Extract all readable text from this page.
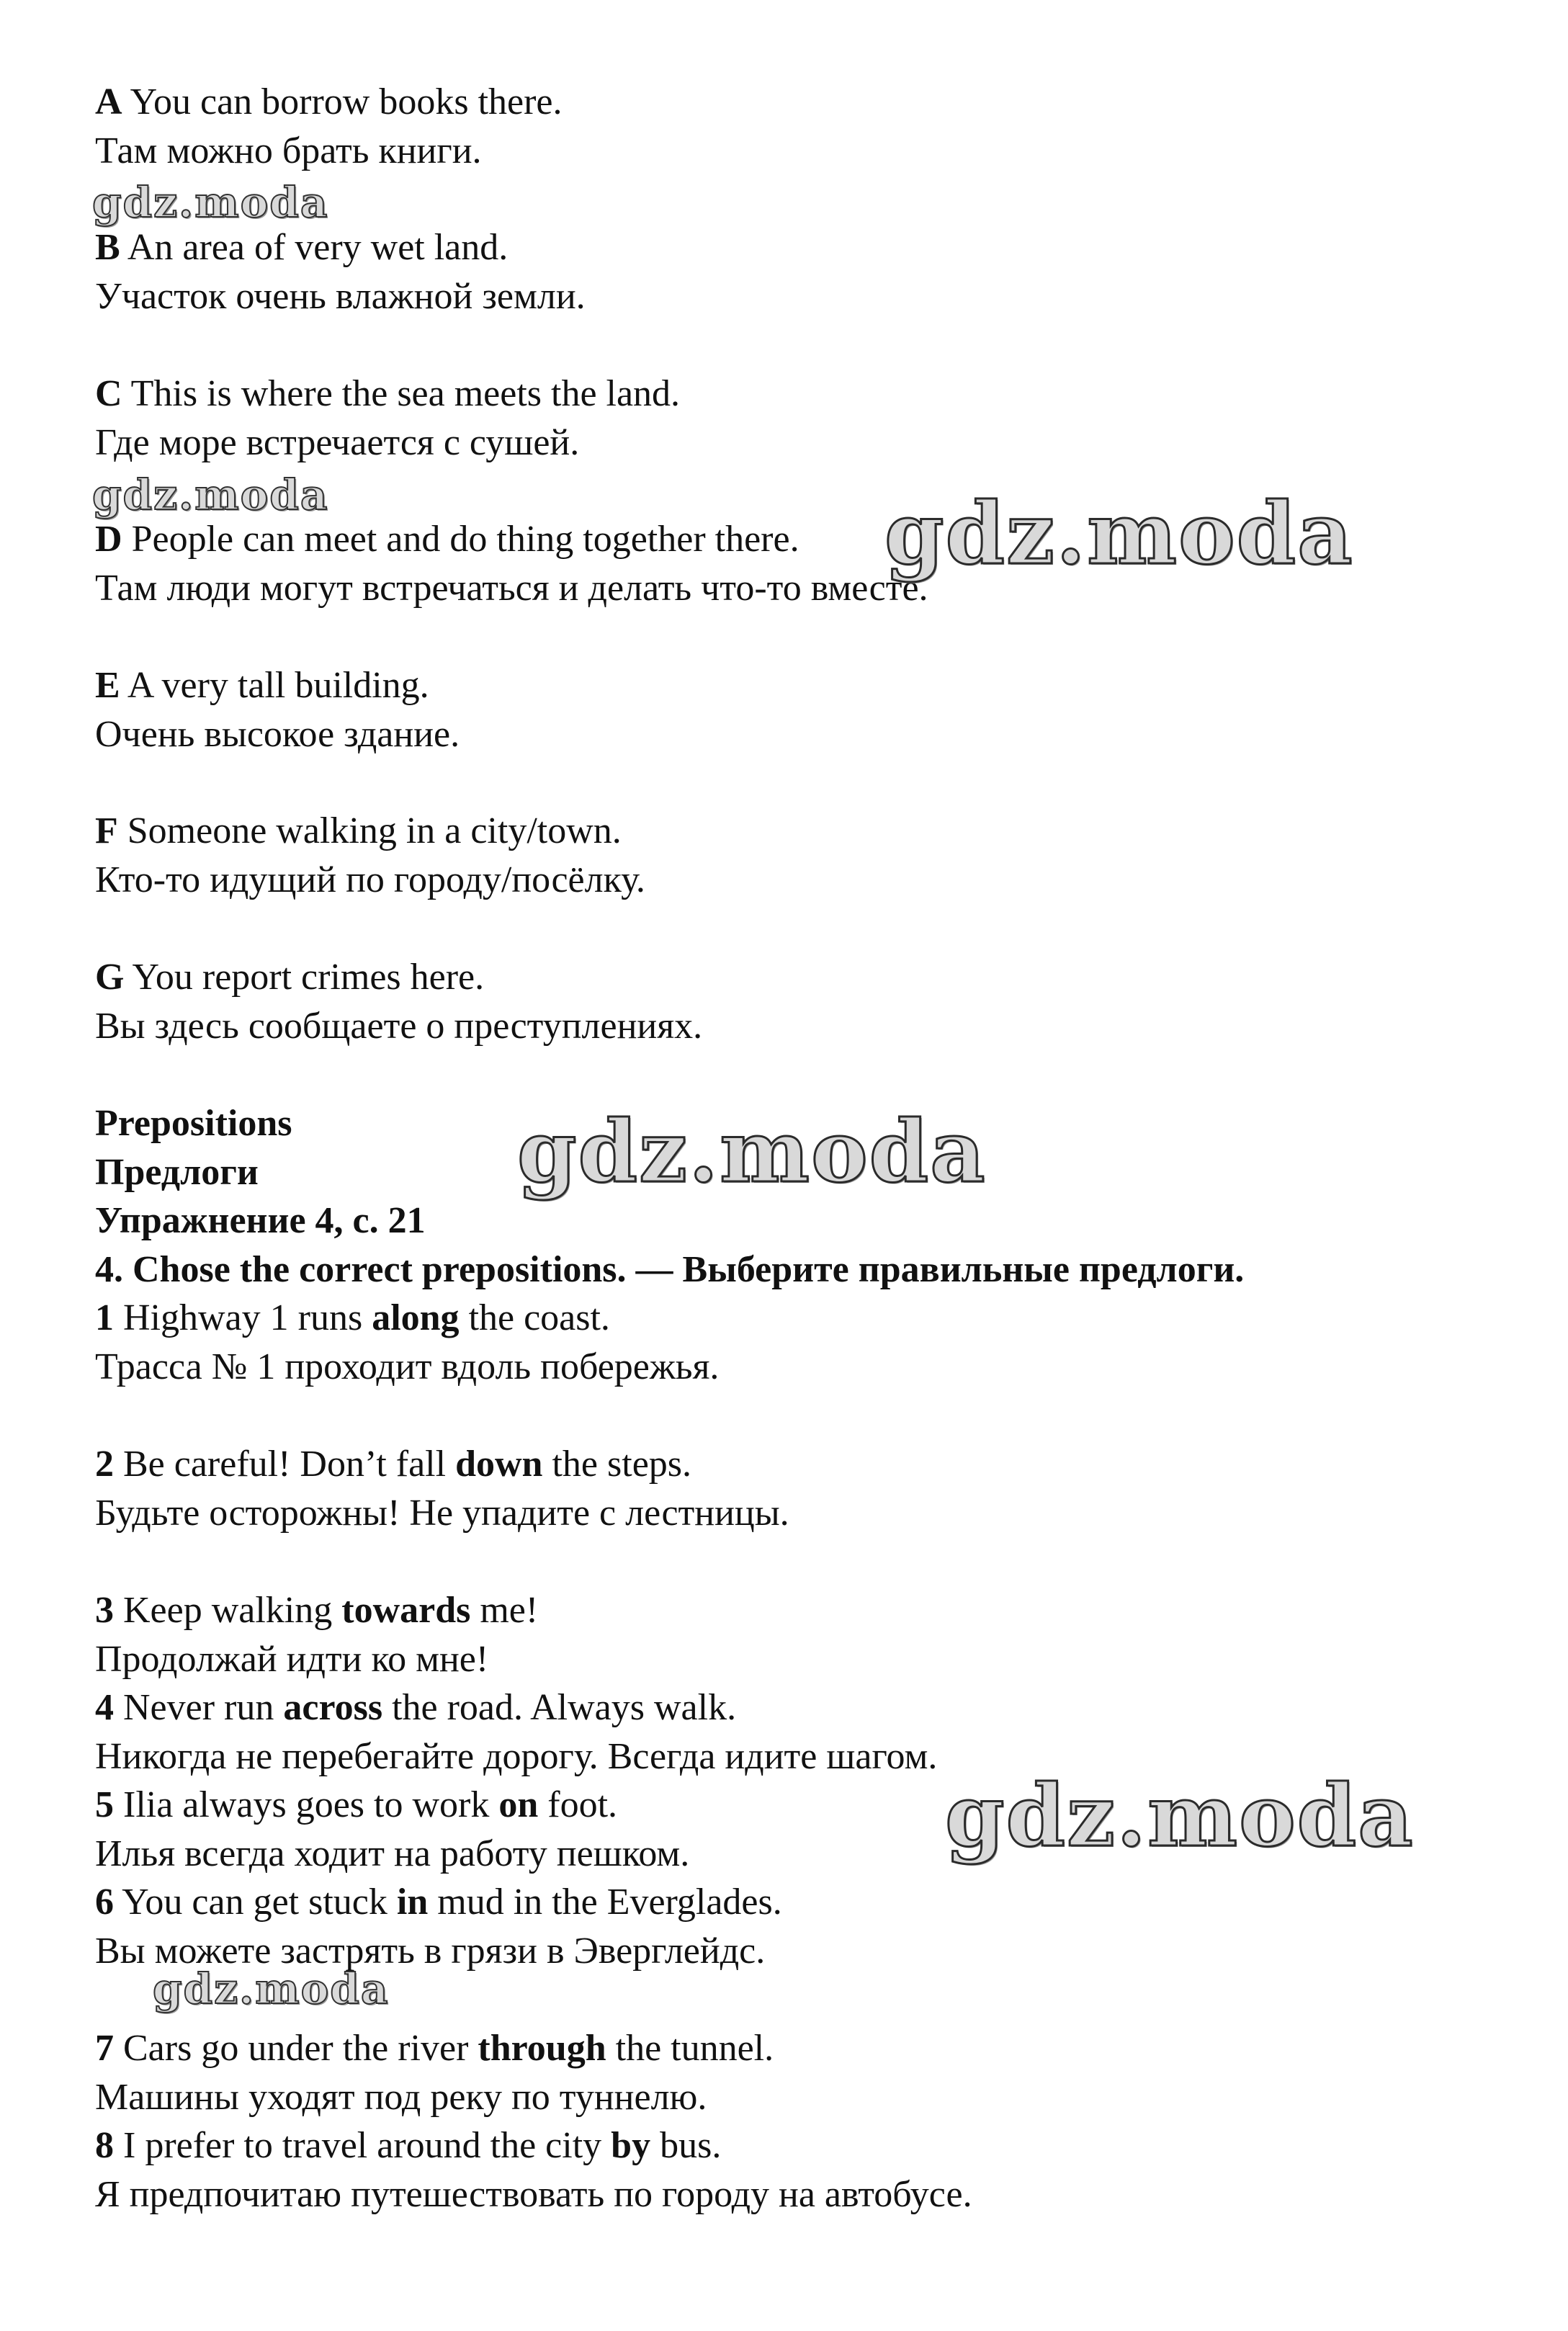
A You can borrow books there.
Там можно брать книги.
B An area of very wet land.
Участок очень влажной земли.
C This is where the sea meets the land.
Где море встречается с сушей.
D People can meet and do thing together there.
Там люди могут встречаться и делать что-то вместе.
E A very tall building.
Очень высокое здание.
F Someone walking in a city/town.
Кто-то идущий по городу/посёлку.
G You report crimes here.
Вы здесь сообщаете о преступлениях.
Prepositions
Предлоги
Упражнение 4, с. 21
4. Chose the correct prepositions. — Выберите правильные предлоги.
1 Highway 1 runs along the coast.
Трасса № 1 проходит вдоль побережья.
2 Be careful! Don’t fall down the steps.
Будьте осторожны! Не упадите с лестницы.
3 Keep walking towards me!
Продолжай идти ко мне!
4 Never run across the road. Always walk.
Никогда не перебегайте дорогу. Всегда идите шагом.
5 Ilia always goes to work on foot.
Илья всегда ходит на работу пешком.
6 You can get stuck in mud in the Everglades.
Вы можете застрять в грязи в Эверглейдс.
7 Cars go under the river through the tunnel.
Машины уходят под реку по туннелю.
8 I prefer to travel around the city by bus.
Я предпочитаю путешествовать по городу на автобусе.
gdz.moda
gdz.moda	gdz.moda
gdz.moda
gdz.moda
gdz.moda
